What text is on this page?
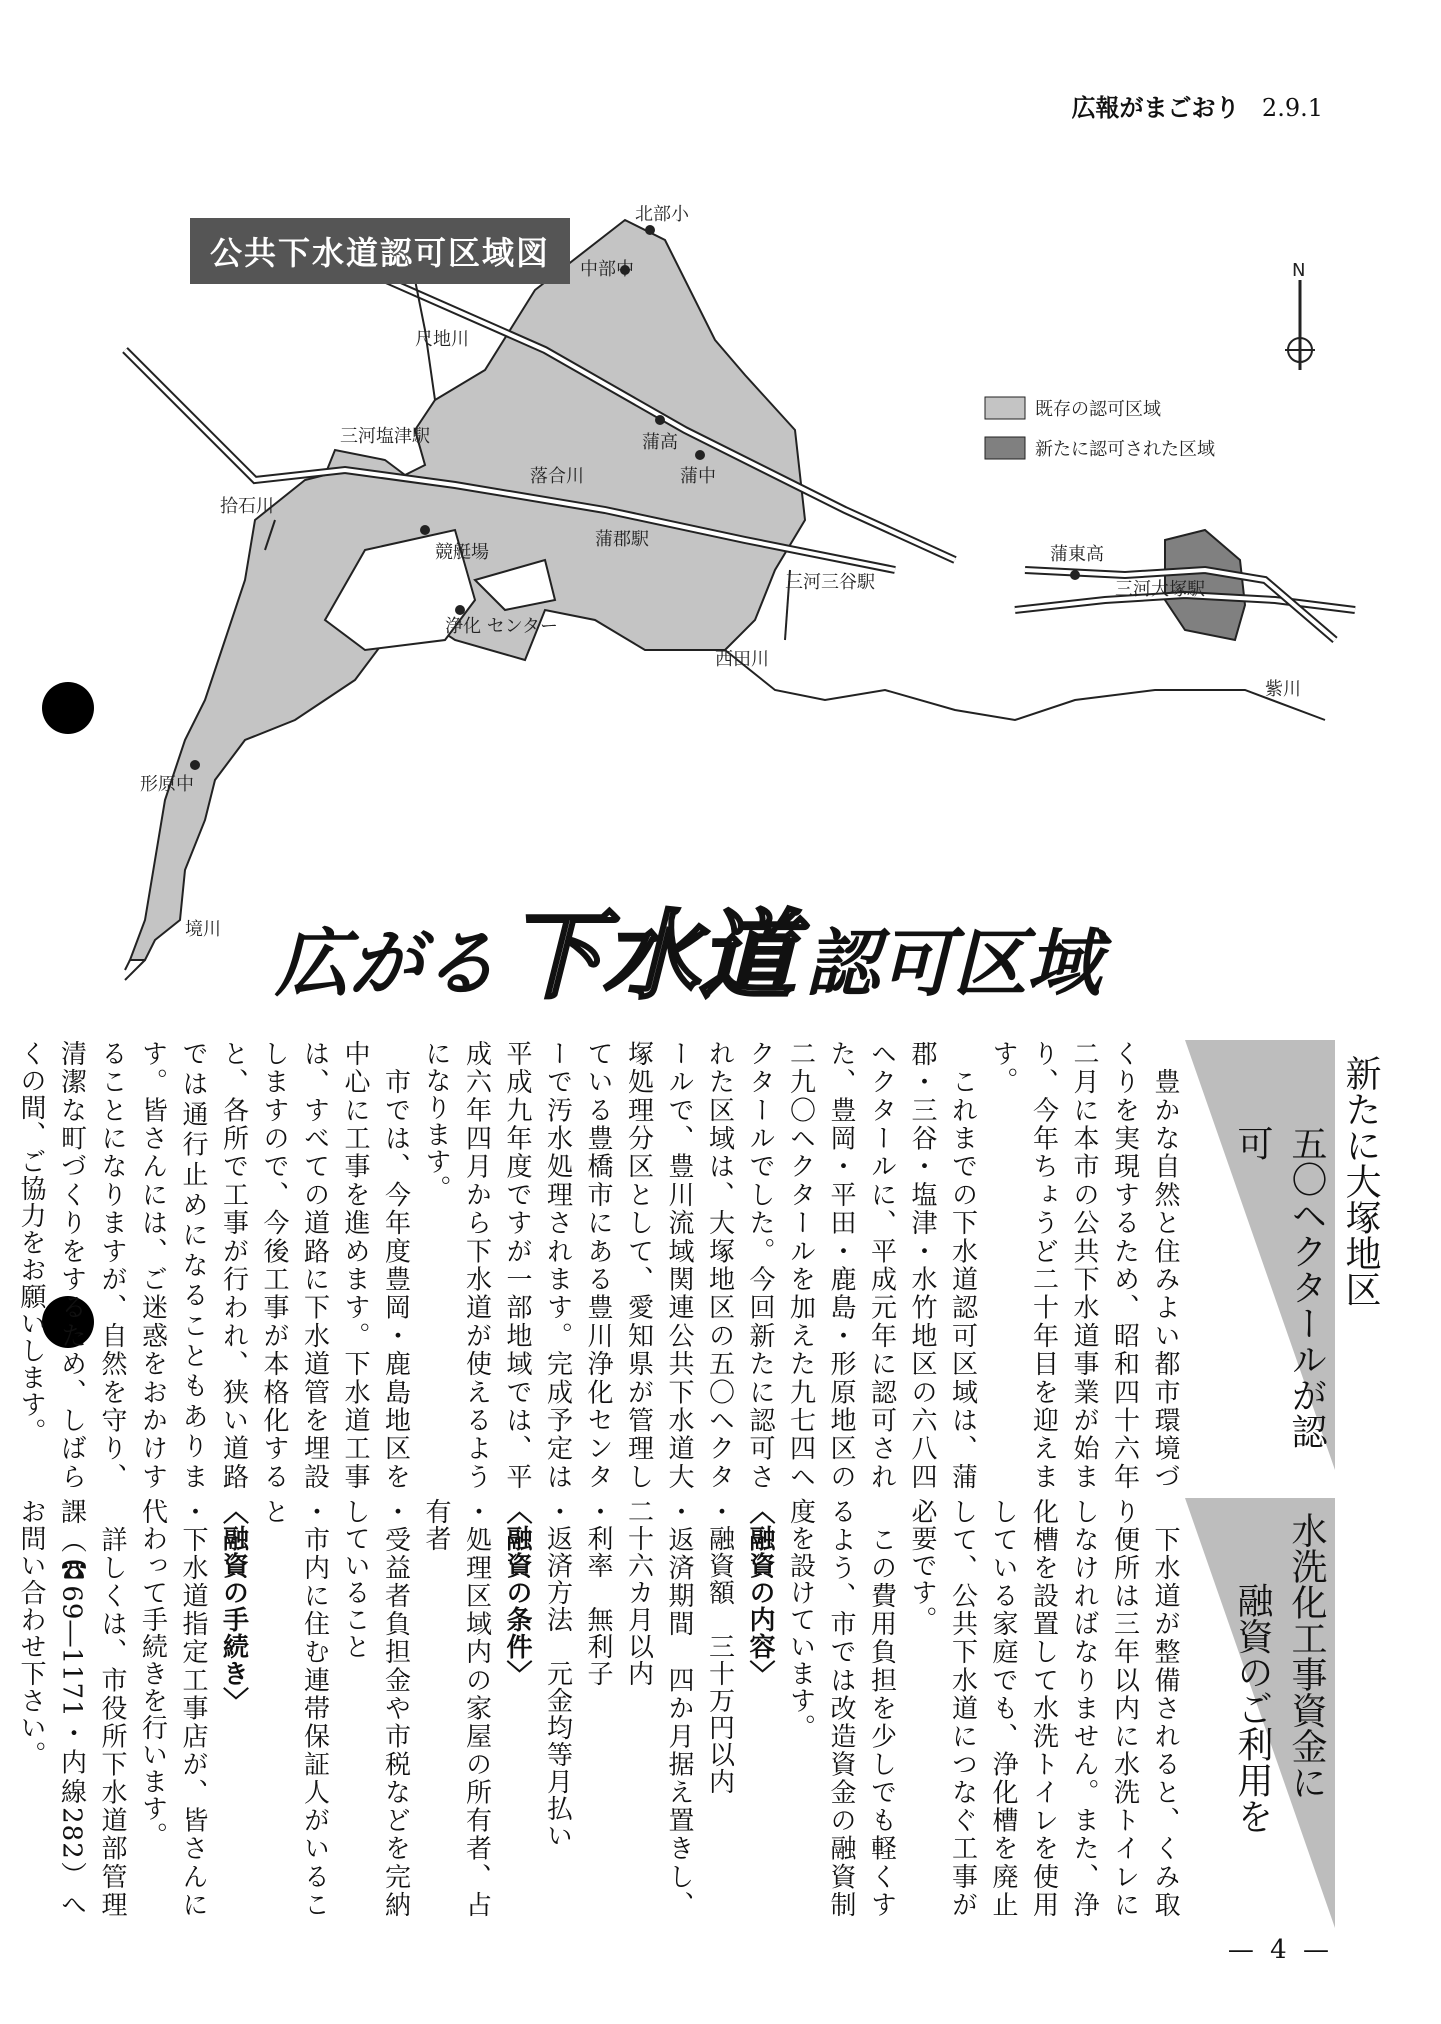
広報がまごおり 2.9.1
N
既存の認可区域
新たに認可された区域
北部小
中部中
尺地川
三河塩津駅
拾石川
落合川
蒲高
蒲中
競艇場
蒲郡駅
三河三谷駅
浄化 センター
西田川
蒲東高
三河大塚駅
紫川
形原中
境川
公共下水道認可区域図
広がる 下水道 認可区域
新たに大塚地区
五〇ヘクタールが認可

　豊かな自然と住みよい都市環境づくりを実現するため、昭和四十六年二月に本市の公共下水道事業が始まり、今年ちょうど二十年目を迎えます。

　これまでの下水道認可区域は、蒲郡・三谷・塩津・水竹地区の六八四ヘクタールに、平成元年に認可された、豊岡・平田・鹿島・形原地区の二九〇ヘクタールを加えた九七四ヘクタールでした。今回新たに認可された区域は、大塚地区の五〇ヘクタールで、豊川流域関連公共下水道大塚処理分区として、愛知県が管理している豊橋市にある豊川浄化センターで汚水処理されます。完成予定は平成九年度ですが一部地域では、平成六年四月から下水道が使えるようになります。

　市では、今年度豊岡・鹿島地区を中心に工事を進めます。下水道工事は、すべての道路に下水道管を埋設しますので、今後工事が本格化すると、各所で工事が行われ、狭い道路では通行止めになることもあります。皆さんには、ご迷惑をおかけすることになりますが、自然を守り、清潔な町づくりをするため、しばらくの間、ご協力をお願いします。

水洗化工事資金に
融資のご利用を

　下水道が整備されると、くみ取り便所は三年以内に水洗トイレにしなければなりません。また、浄化槽を設置して水洗トイレを使用している家庭でも、浄化槽を廃止して、公共下水道につなぐ工事が必要です。

　この費用負担を少しでも軽くするよう、市では改造資金の融資制度を設けています。

〈融資の内容〉

・融資額　三十万円以内

・返済期間　四か月据え置きし、二十六カ月以内

・利率　無利子

・返済方法　元金均等月払い

〈融資の条件〉

・処理区域内の家屋の所有者、占有者

・受益者負担金や市税などを完納していること

・市内に住む連帯保証人がいること

〈融資の手続き〉

・下水道指定工事店が、皆さんに代わって手続きを行います。

　詳しくは、市役所下水道部管理課（☎69―1171・内線282）へお問い合わせ下さい。

— 4 —
